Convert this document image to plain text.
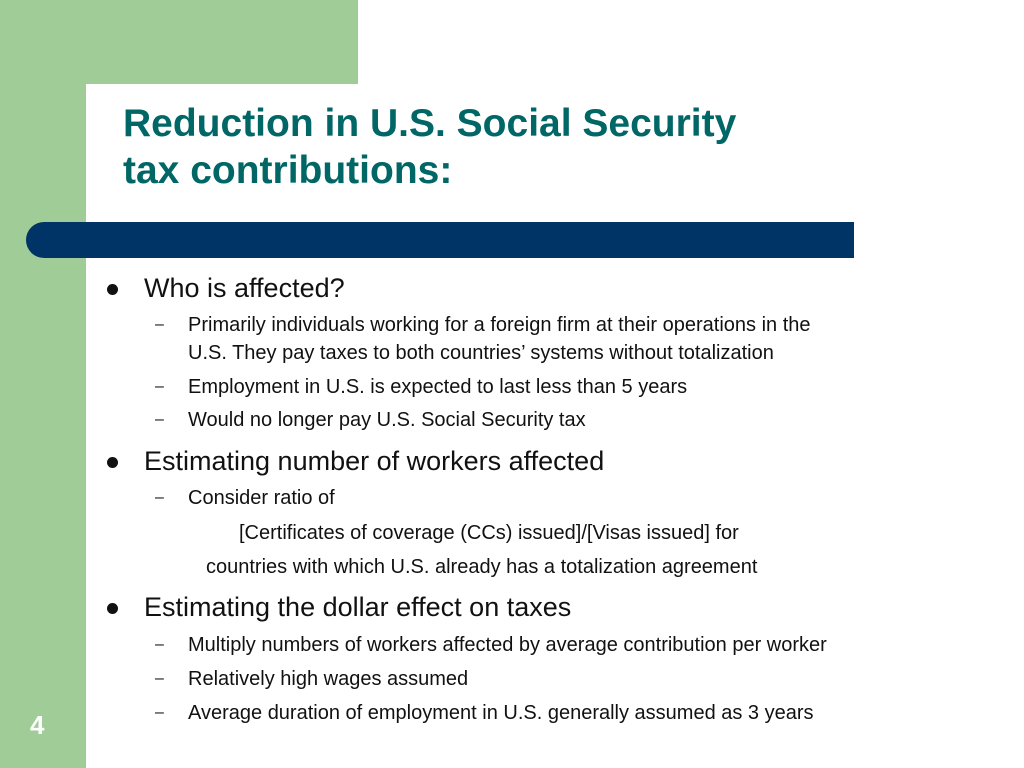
Reduction in U.S. Social Security
tax contributions:
Who is affected?
– Primarily individuals working for a foreign firm at their operations in the
U.S. They pay taxes to both countries’ systems without totalization
– Employment in U.S. is expected to last less than 5 years
– Would no longer pay U.S. Social Security tax
Estimating number of workers affected
– Consider ratio of
[Certificates of coverage (CCs) issued]/[Visas issued] for
countries with which U.S. already has a totalization agreement
Estimating the dollar effect on taxes
– Multiply numbers of workers affected by average contribution per worker
– Relatively high wages assumed
– Average duration of employment in U.S. generally assumed as 3 years
4
